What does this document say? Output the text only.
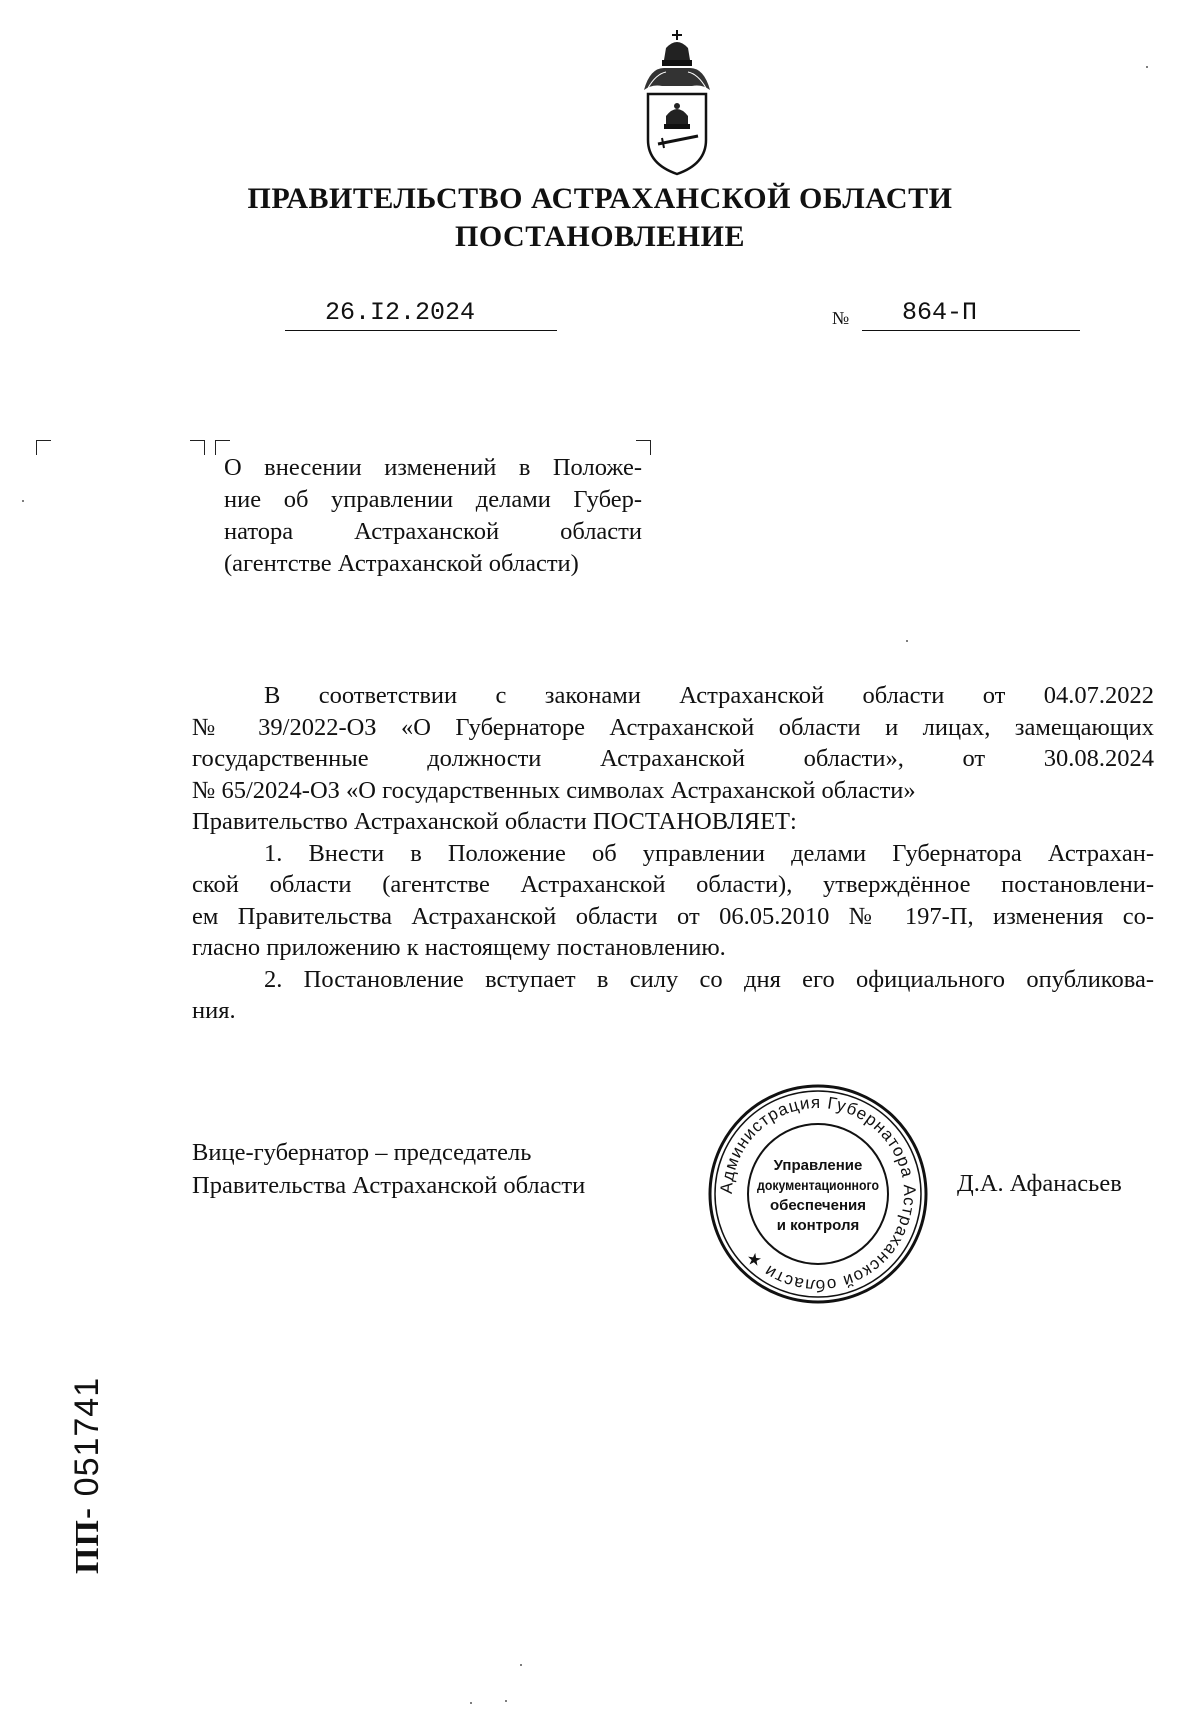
ПРАВИТЕЛЬСТВО АСТРАХАНСКОЙ ОБЛАСТИ
ПОСТАНОВЛЕНИЕ
26.I2.2024	№ 864-П
О внесении изменений в Положе-
ние об управлении делами Губер-
натора Астраханской области
(агентстве Астраханской области)
В соответствии с законами Астраханской области от 04.07.2022
№ 39/2022-ОЗ «О Губернаторе Астраханской области и лицах, замещающих
государственные должности Астраханской области», от 30.08.2024
№ 65/2024-ОЗ «О государственных символах Астраханской области»
Правительство Астраханской области ПОСТАНОВЛЯЕТ:
1. Внести в Положение об управлении делами Губернатора Астрахан-
ской области (агентстве Астраханской области), утверждённое постановлени-
ем Правительства Астраханской области от 06.05.2010 № 197-П, изменения со-
гласно приложению к настоящему постановлению.
2. Постановление вступает в силу со дня его официального опубликова-
ния.
Вице-губернатор – председатель
Правительства Астраханской области	Администрация Губернатора Астраханской области ★
Управление
документационного
обеспечения
и контроля
Д.А. Афанасьев
ПП- 051741
